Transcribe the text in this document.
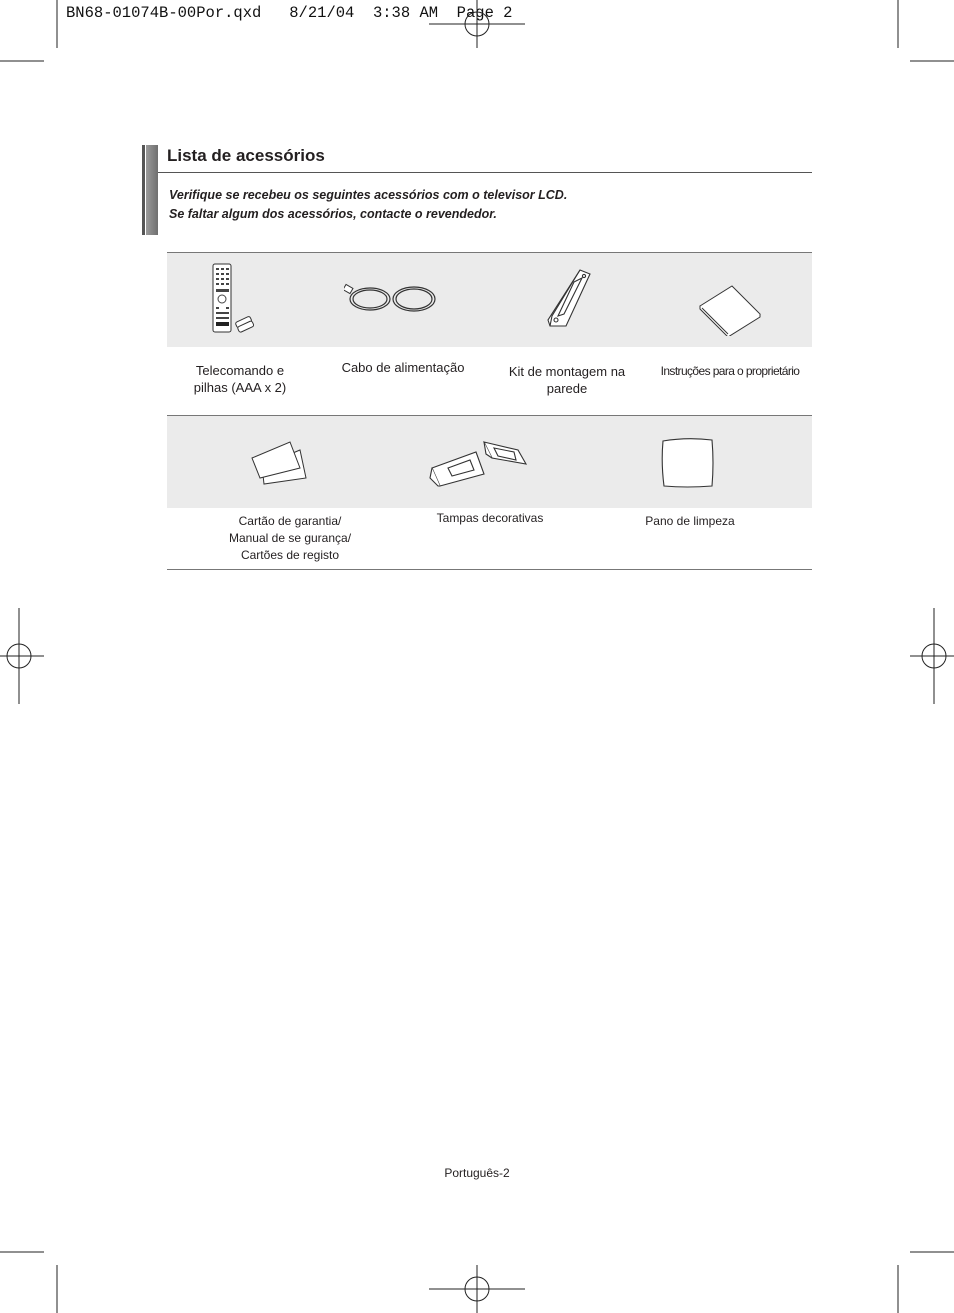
BN68-01074B-00Por.qxd   8/21/04  3:38 AM  Page 2
Lista de acessórios
Verifique se recebeu os seguintes acessórios com o televisor LCD.
Se faltar algum dos acessórios, contacte o revendedor.
Telecomando e
pilhas (AAA x 2)
Cabo de alimentação	Kit de montagem na
parede
Instruções para o proprietário
Cartão de garantia/
Manual de se gurança/
Cartões de registo
Tampas decorativas	Pano de limpeza
Português-2
